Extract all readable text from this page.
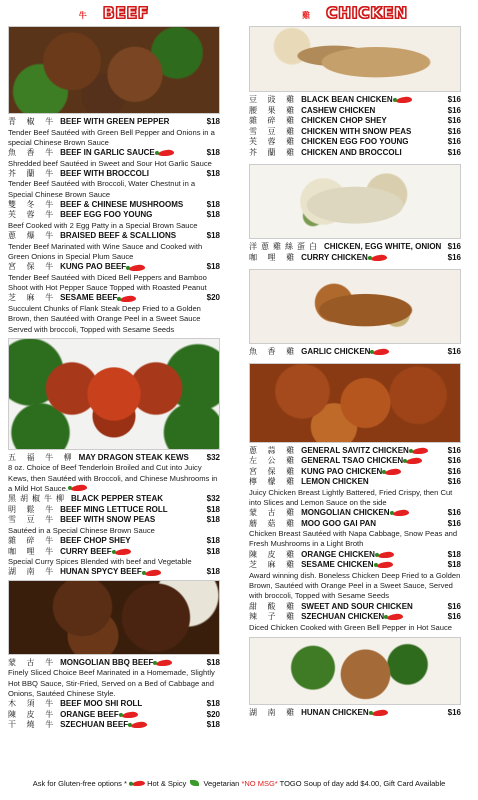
牛 BEEF
青 椒 牛 BEEF WITH GREEN PEPPER	$18
Tender Beef Sautéed with Green Bell Pepper and Onions in a special Chinese Brown Sauce
魚 香 牛 BEEF IN GARLIC SAUCE	$18
Shredded beef Sautéed in Sweet and Sour Hot Garlic Sauce
芥 蘭 牛 BEEF WITH BROCCOLI	$18
Tender Beef Sautéed with Broccoli, Water Chestnut in a Special Chinese Brown Sauce
雙 冬 牛 BEEF & CHINESE MUSHROOMS	$18
芙 蓉 牛 BEEF EGG FOO YOUNG	$18
Beef Cooked with 2 Egg Patty in a Special Brown Sauce
蔥 爆 牛 BRAISED BEEF & SCALLIONS	$18
Tender Beef Marinated with Wine Sauce and Cooked with Green Onions in Special Plum Sauce
宮 保 牛 KUNG PAO BEEF	$18
Tender Beef Sautéed with Diced Bell Peppers and Bamboo Shoot with Hot Pepper Sauce Topped with Roasted Peanut
芝 麻 牛 SESAME BEEF	$20
Succulent Chunks of Flank Steak Deep Fried to a Golden Brown, then Sautéed with Orange Peel in a Sweet Sauce Served with broccoli, Topped with Sesame Seeds
五 福 牛 柳 MAY DRAGON STEAK KEWS	$32
8 oz. Choice of Beef Tenderloin Broiled and Cut into Juicy Kews, then Sautéed with Broccoli, and Chinese Mushrooms in a Mild Hot Sauce.
黑胡椒牛柳 BLACK PEPPER STEAK	$32
明 鬆 牛 BEEF MING LETTUCE ROLL	$18
雪 豆 牛 BEEF WITH SNOW PEAS	$18
Sautéed in a Special Chinese Brown Sauce
雜 碎 牛 BEEF CHOP SHEY	$18
咖 哩 牛 CURRY BEEF	$18
Special Curry Spices Blended with beef and Vegetable
湖 南 牛 HUNAN SPYCY BEEF	$18
蒙 古 牛 MONGOLIAN BBQ BEEF	$18
Finely Sliced Choice Beef Marinated in a Homemade, Slightly Hot BBQ Sauce, Stir-Fried, Served on a Bed of Cabbage and Onions, Sautéed Chinese Style.
木 須 牛 BEEF MOO SHI ROLL	$18
陳 皮 牛 ORANGE BEEF	$20
干 燒 牛 SZECHUAN BEEF	$18
雞 CHICKEN
豆 豉 雞 BLACK BEAN CHICKEN	$16
腰 果 雞 CASHEW CHICKEN	$16
雜 碎 雞 CHICKEN CHOP SHEY	$16
雪 豆 雞 CHICKEN WITH SNOW PEAS	$16
芙 蓉 雞 CHICKEN EGG FOO YOUNG	$16
芥 蘭 雞 CHICKEN AND BROCCOLI	$16
洋蔥雞絲蛋白 CHICKEN, EGG WHITE, ONION $16
咖 哩 雞 CURRY CHICKEN	$16
魚 香 雞 GARLIC CHICKEN	$16
蔥 蒜 雞 GENERAL SAVITZ CHICKEN	$16
左 公 雞 GENERAL TSAO CHICKEN	$16
宮 保 雞 KUNG PAO CHICKEN	$16
檸 檬 雞 LEMON CHICKEN	$16
Juicy Chicken Breast Lightly Battered, Fried Crispy, then Cut into Slices and Lemon Sauce on the side
蒙 古 雞 MONGOLIAN CHICKEN	$16
蘑 菇 雞 MOO GOO GAI PAN	$16
Chicken Breast Sautéed with Napa Cabbage, Snow Peas and Fresh Mushrooms in a Light Broth
陳 皮 雞 ORANGE CHICKEN	$18
芝 麻 雞 SESAME CHICKEN	$18
Award winning dish. Boneless Chicken Deep Fried to a Golden Brown, Sautéed with Orange Peel in a Sweet Sauce, Served with broccoli, Topped with Sesame Seeds
甜 酸 雞 SWEET AND SOUR CHICKEN	$16
辣 子 雞 SZECHUAN CHICKEN	$16
Diced Chicken Cooked with Green Bell Pepper in Hot Sauce
湖 南 雞 HUNAN CHICKEN	$16
Ask for Gluten-free options *	Hot & Spicy Vegetarian *NO MSG* TOGO Soup of day add $4.00, Gift Card Available
